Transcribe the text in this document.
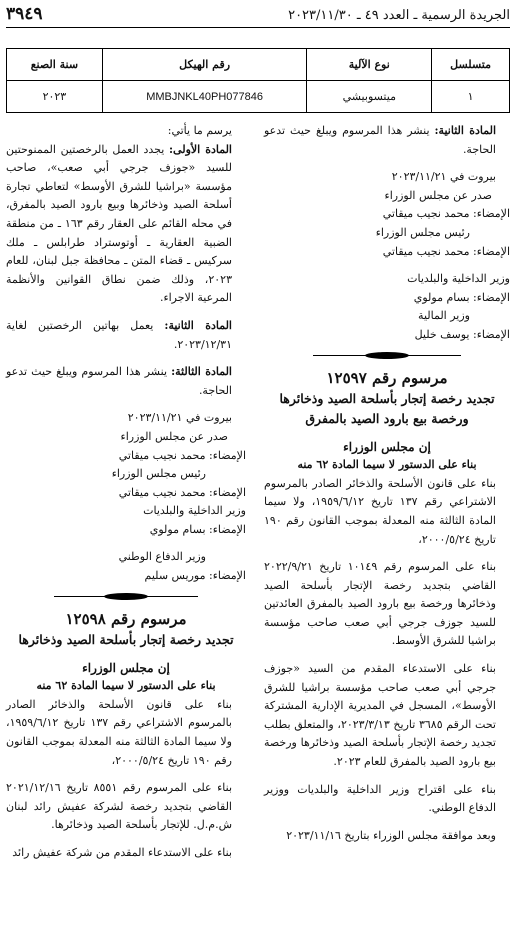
الجريدة الرسمية ـ العدد ٤٩ ـ ٢٠٢٣/١١/٣٠
٣٩٤٩
متسلسل	نوع الآلية	رقم الهيكل	سنة الصنع
١	ميتسوبيشي	MMBJNKL40PH077846	٢٠٢٣

المادة الثانية: ينشر هذا المرسوم ويبلغ حيث تدعو الحاجة.

بيروت في ٢٠٢٣/١١/٢١

صدر عن مجلس الوزراء

الإمضاء: محمد نجيب ميقاتي

رئيس مجلس الوزراء

الإمضاء: محمد نجيب ميقاتي

وزير الداخلية والبلديات

الإمضاء: بسام مولوي

وزير المالية

الإمضاء: يوسف خليل

مرسوم رقم ١٢٥٩٧

تجديد رخصة إتجار بأسلحة الصيد وذخائرها ورخصة بيع بارود الصيد بالمفرق

إن مجلس الوزراء

بناء على الدستور لا سيما المادة ٦٢ منه

بناء على قانون الأسلحة والذخائر الصادر بالمرسوم الاشتراعي رقم ١٣٧ تاريخ ١٩٥٩/٦/١٢، ولا سيما المادة الثالثة منه المعدلة بموجب القانون رقم ١٩٠ تاريخ ٢٠٠٠/٥/٢٤،

بناء على المرسوم رقم ١٠١٤٩ تاريخ ٢٠٢٢/٩/٢١ القاضي بتجديد رخصة الإتجار بأسلحة الصيد وذخائرها ورخصة بيع بارود الصيد بالمفرق العائدتين للسيد جوزف جرجي أبي صعب صاحب مؤسسة براشيا للشرق الأوسط.

بناء على الاستدعاء المقدم من السيد «جوزف جرجي أبي صعب صاحب مؤسسة براشيا للشرق الأوسط»، المسجل في المديرية الإدارية المشتركة تحت الرقم ٣٦٨٥ تاريخ ٢٠٢٣/٣/١٣، والمتعلق بطلب تجديد رخصة الإتجار بأسلحة الصيد وذخائرها ورخصة بيع بارود الصيد بالمفرق للعام ٢٠٢٣.

بناء على اقتراح وزير الداخلية والبلديات ووزير الدفاع الوطني.

وبعد موافقة مجلس الوزراء بتاريخ ٢٠٢٣/١١/١٦

يرسم ما يأتي:

المادة الأولى: يجدد العمل بالرخصتين الممنوحتين للسيد «جوزف جرجي أبي صعب»، صاحب مؤسسة «براشيا للشرق الأوسط» لتعاطي تجارة أسلحة الصيد وذخائرها وبيع بارود الصيد بالمفرق، في محله القائم على العقار رقم ١٦٣ ـ من منطقة الضبية العقارية ـ أوتوستراد طرابلس ـ ملك سركيس ـ قضاء المتن ـ محافظة جبل لبنان، للعام ٢٠٢٣، وذلك ضمن نطاق القوانين والأنظمة المرعية الاجراء.

المادة الثانية: يعمل بهاتين الرخصتين لغاية ٢٠٢٣/١٢/٣١.

المادة الثالثة: ينشر هذا المرسوم ويبلغ حيث تدعو الحاجة.

بيروت في ٢٠٢٣/١١/٢١

صدر عن مجلس الوزراء

الإمضاء: محمد نجيب ميقاتي

رئيس مجلس الوزراء

الإمضاء: محمد نجيب ميقاتي

وزير الداخلية والبلديات

الإمضاء: بسام مولوي

وزير الدفاع الوطني

الإمضاء: موريس سليم

مرسوم رقم ١٢٥٩٨

تجديد رخصة إتجار بأسلحة الصيد وذخائرها

إن مجلس الوزراء

بناء على الدستور لا سيما المادة ٦٢ منه

بناء على قانون الأسلحة والذخائر الصادر بالمرسوم الاشتراعي رقم ١٣٧ تاريخ ١٩٥٩/٦/١٢، ولا سيما المادة الثالثة منه المعدلة بموجب القانون رقم ١٩٠ تاريخ ٢٠٠٠/٥/٢٤،

بناء على المرسوم رقم ٨٥٥١ تاريخ ٢٠٢١/١٢/١٦ القاضي بتجديد رخصة لشركة عفيش رائد لبنان ش.م.ل. للإتجار بأسلحة الصيد وذخائرها.

بناء على الاستدعاء المقدم من شركة عفيش رائد
